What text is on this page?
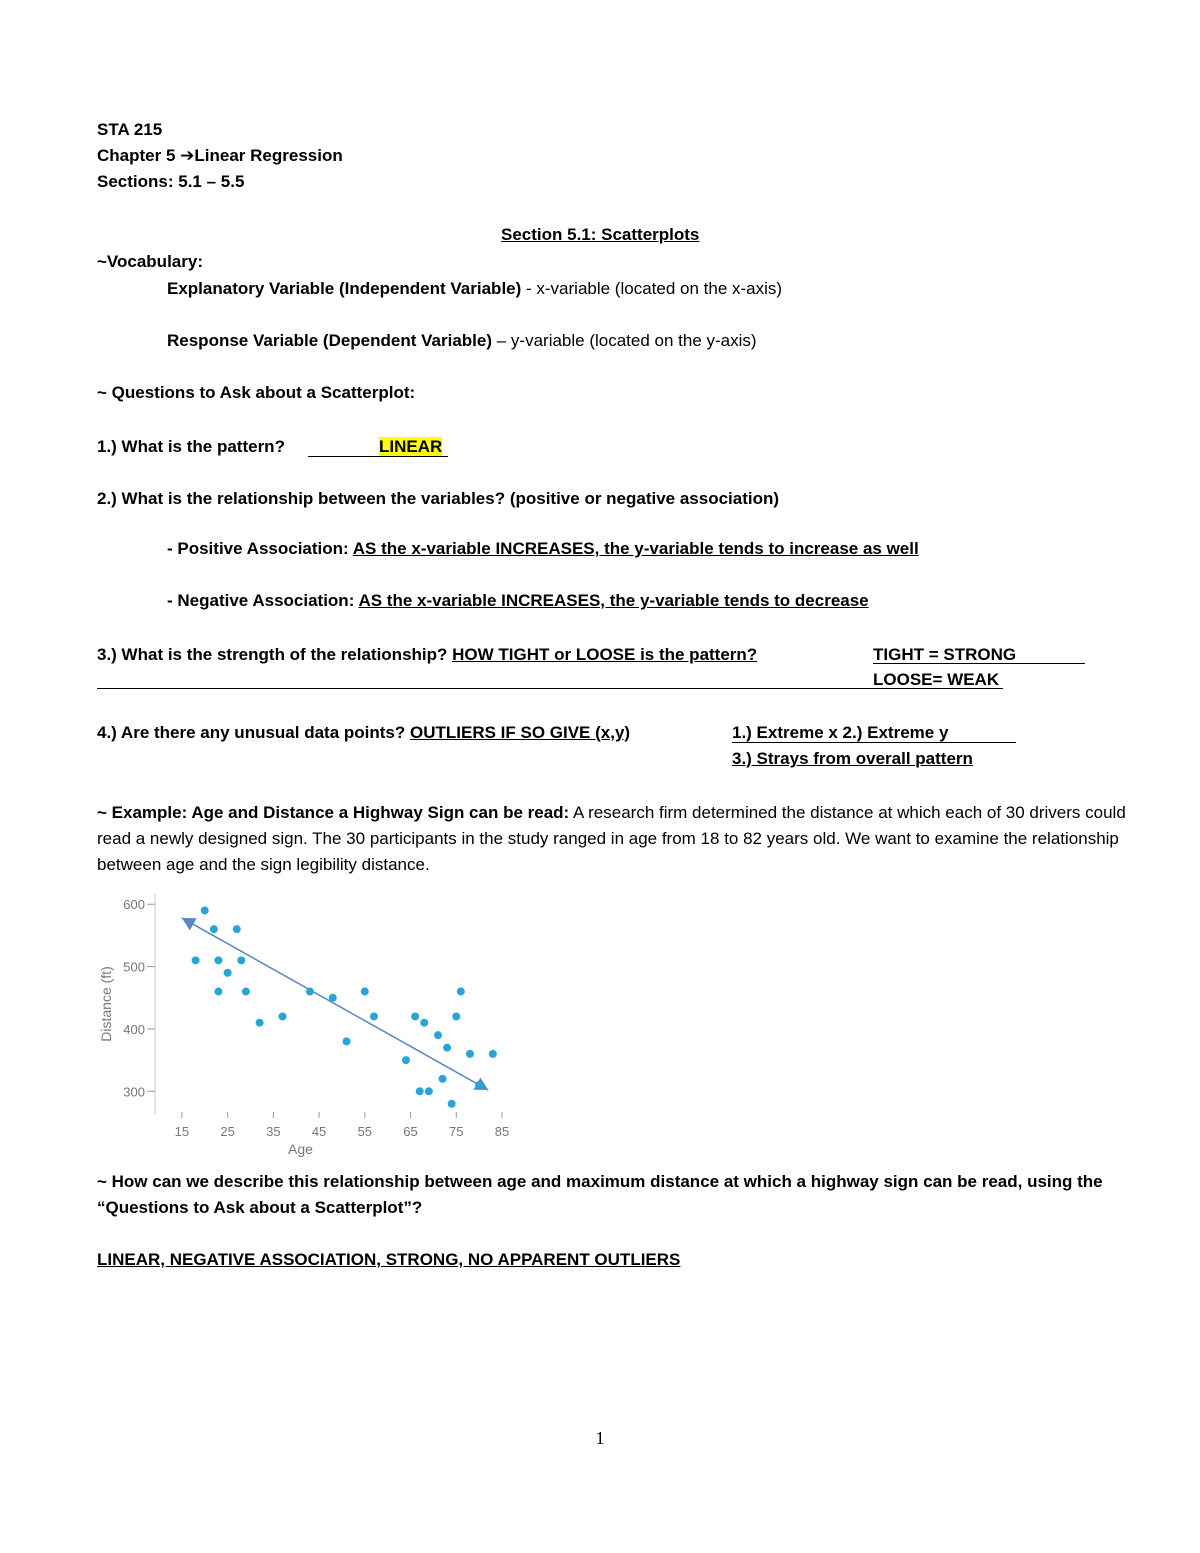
STA 215
Chapter 5 ➔Linear Regression
Sections: 5.1 – 5.5
Section 5.1: Scatterplots
~Vocabulary:
Explanatory Variable (Independent Variable) - x-variable (located on the x-axis)
Response Variable (Dependent Variable) – y-variable (located on the y-axis)
~ Questions to Ask about a Scatterplot:
1.) What is the pattern?	LINEAR
2.) What is the relationship between the variables? (positive or negative association)
- Positive Association: AS the x-variable INCREASES, the y-variable tends to increase as well
- Negative Association: AS the x-variable INCREASES, the y-variable tends to decrease
3.) What is the strength of the relationship? HOW TIGHT or LOOSE is the pattern?	TIGHT = STRONG
LOOSE= WEAK
4.) Are there any unusual data points? OUTLIERS IF SO GIVE (x,y)	1.) Extreme x 2.) Extreme y
3.) Strays from overall pattern
~ Example: Age and Distance a Highway Sign can be read: A research firm determined the distance at which each of 30 drivers could read a newly designed sign. The 30 participants in the study ranged in age from 18 to 82 years old. We want to examine the relationship between age and the sign legibility distance.
300
400
500
600
15 25 35 45 55 65 75 85
Age
Distance (ft)
~ How can we describe this relationship between age and maximum distance at which a highway sign can be read, using the “Questions to Ask about a Scatterplot”?
LINEAR, NEGATIVE ASSOCIATION, STRONG, NO APPARENT OUTLIERS
1
